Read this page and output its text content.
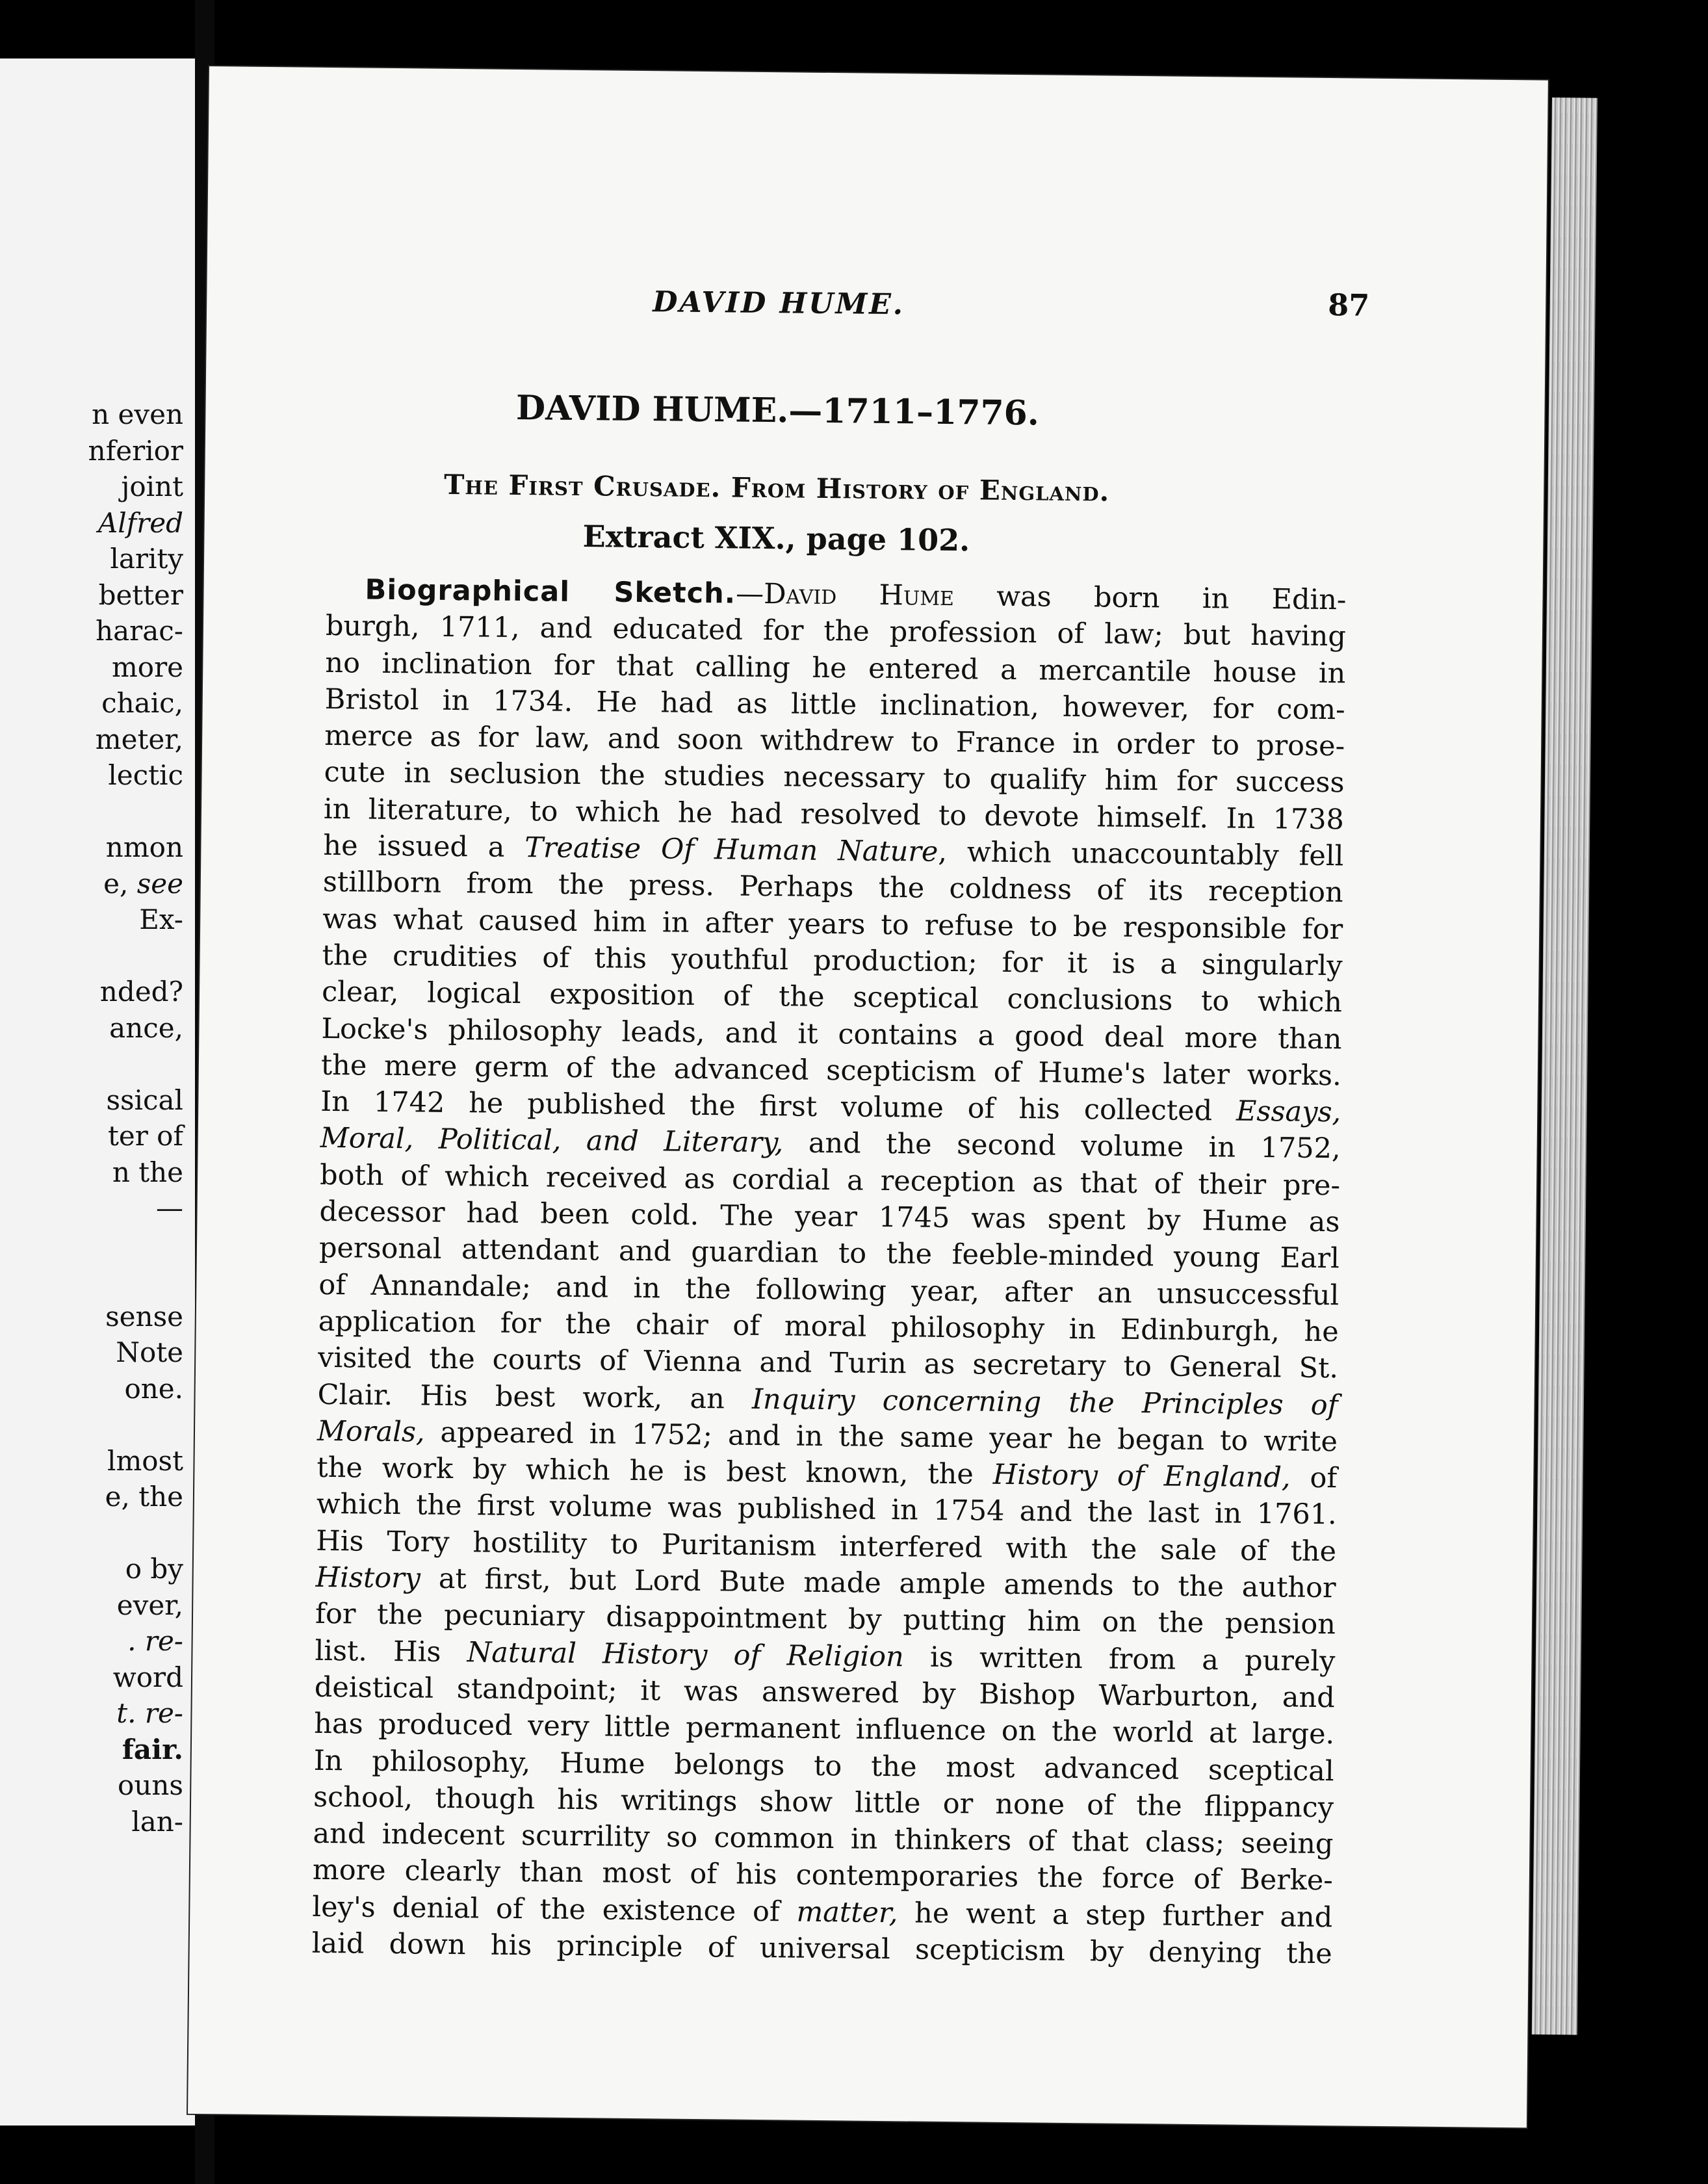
n even
nferior
joint
Alfred
larity
better
harac-
more
chaic,
meter,
lectic
nmon
e, see
Ex-
nded?
ance,
ssical
ter of
n the
—
sense
Note
one.
lmost
e, the
o by
ever,
. re-
word
t. re-
fair.
ouns
lan-
DAVID HUME.	87
DAVID HUME.—1711–1776.
The First Crusade. From History of England.
Extract XIX., page 102.
Biographical Sketch.—David Hume was born in Edin-
burgh, 1711, and educated for the profession of law; but having
no inclination for that calling he entered a mercantile house in
Bristol in 1734. He had as little inclination, however, for com-
merce as for law, and soon withdrew to France in order to prose-
cute in seclusion the studies necessary to qualify him for success
in literature, to which he had resolved to devote himself. In 1738
he issued a Treatise Of Human Nature, which unaccountably fell
stillborn from the press. Perhaps the coldness of its reception
was what caused him in after years to refuse to be responsible for
the crudities of this youthful production; for it is a singularly
clear, logical exposition of the sceptical conclusions to which
Locke's philosophy leads, and it contains a good deal more than
the mere germ of the advanced scepticism of Hume's later works.
In 1742 he published the first volume of his collected Essays,
Moral, Political, and Literary, and the second volume in 1752,
both of which received as cordial a reception as that of their pre-
decessor had been cold. The year 1745 was spent by Hume as
personal attendant and guardian to the feeble-minded young Earl
of Annandale; and in the following year, after an unsuccessful
application for the chair of moral philosophy in Edinburgh, he
visited the courts of Vienna and Turin as secretary to General St.
Clair. His best work, an Inquiry concerning the Principles of
Morals, appeared in 1752; and in the same year he began to write
the work by which he is best known, the History of England, of
which the first volume was published in 1754 and the last in 1761.
His Tory hostility to Puritanism interfered with the sale of the
History at first, but Lord Bute made ample amends to the author
for the pecuniary disappointment by putting him on the pension
list. His Natural History of Religion is written from a purely
deistical standpoint; it was answered by Bishop Warburton, and
has produced very little permanent influence on the world at large.
In philosophy, Hume belongs to the most advanced sceptical
school, though his writings show little or none of the flippancy
and indecent scurrility so common in thinkers of that class; seeing
more clearly than most of his contemporaries the force of Berke-
ley's denial of the existence of matter, he went a step further and
laid down his principle of universal scepticism by denying the
